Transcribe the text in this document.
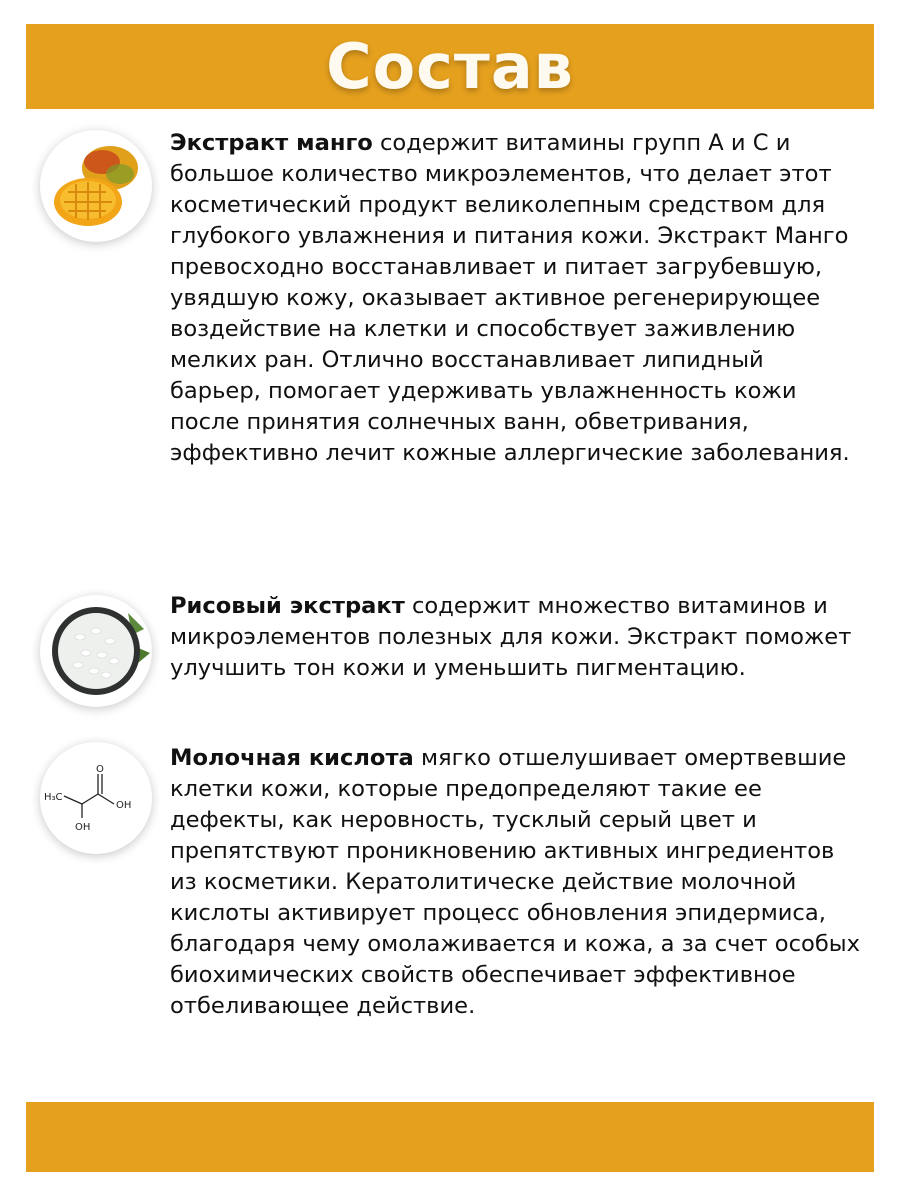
Состав

Экстракт манго содержит витамины групп А и С и большое количество микроэлементов, что делает этот косметический продукт великолепным средством для глубокого увлажнения и питания кожи. Экстракт Манго превосходно восстанавливает и питает загрубевшую, увядшую кожу, оказывает активное регенерирующее воздействие на клетки и способствует заживлению мелких ран. Отлично восстанавливает липидный барьер, помогает удерживать увлажненность кожи после принятия солнечных ванн, обветривания, эффективно лечит кожные аллергические заболевания.

Рисовый экстракт содержит множество витаминов и микроэлементов полезных для кожи. Экстракт поможет улучшить тон кожи и уменьшить пигментацию.

H₃C
OH
O
OH

Молочная кислота мягко отшелушивает омертвевшие клетки кожи, которые предопределяют такие ее дефекты, как неровность, тусклый серый цвет и препятствуют проникновению активных ингредиентов из косметики. Кератолитическе действие молочной кислоты активирует процесс обновления эпидермиса, благодаря чему омолаживается и кожа, а за счет особых биохимических свойств обеспечивает эффективное отбеливающее действие.
